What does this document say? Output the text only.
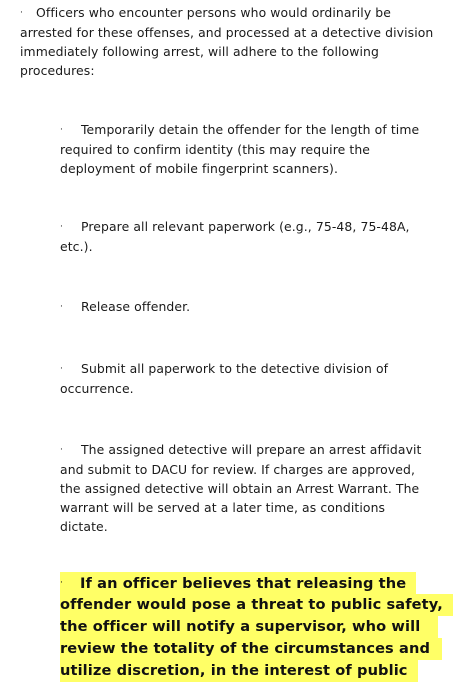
· Officers who encounter persons who would ordinarily be
arrested for these offenses, and processed at a detective division
immediately following arrest, will adhere to the following
procedures:
· Temporarily detain the offender for the length of time
required to confirm identity (this may require the
deployment of mobile fingerprint scanners).
· Prepare all relevant paperwork (e.g., 75-48, 75-48A,
etc.).
· Release offender.
· Submit all paperwork to the detective division of
occurrence.
· The assigned detective will prepare an arrest affidavit
and submit to DACU for review. If charges are approved,
the assigned detective will obtain an Arrest Warrant. The
warrant will be served at a later time, as conditions
dictate.
· If an officer believes that releasing the
offender would pose a threat to public safety,
the officer will notify a supervisor, who will
review the totality of the circumstances and
utilize discretion, in the interest of public
